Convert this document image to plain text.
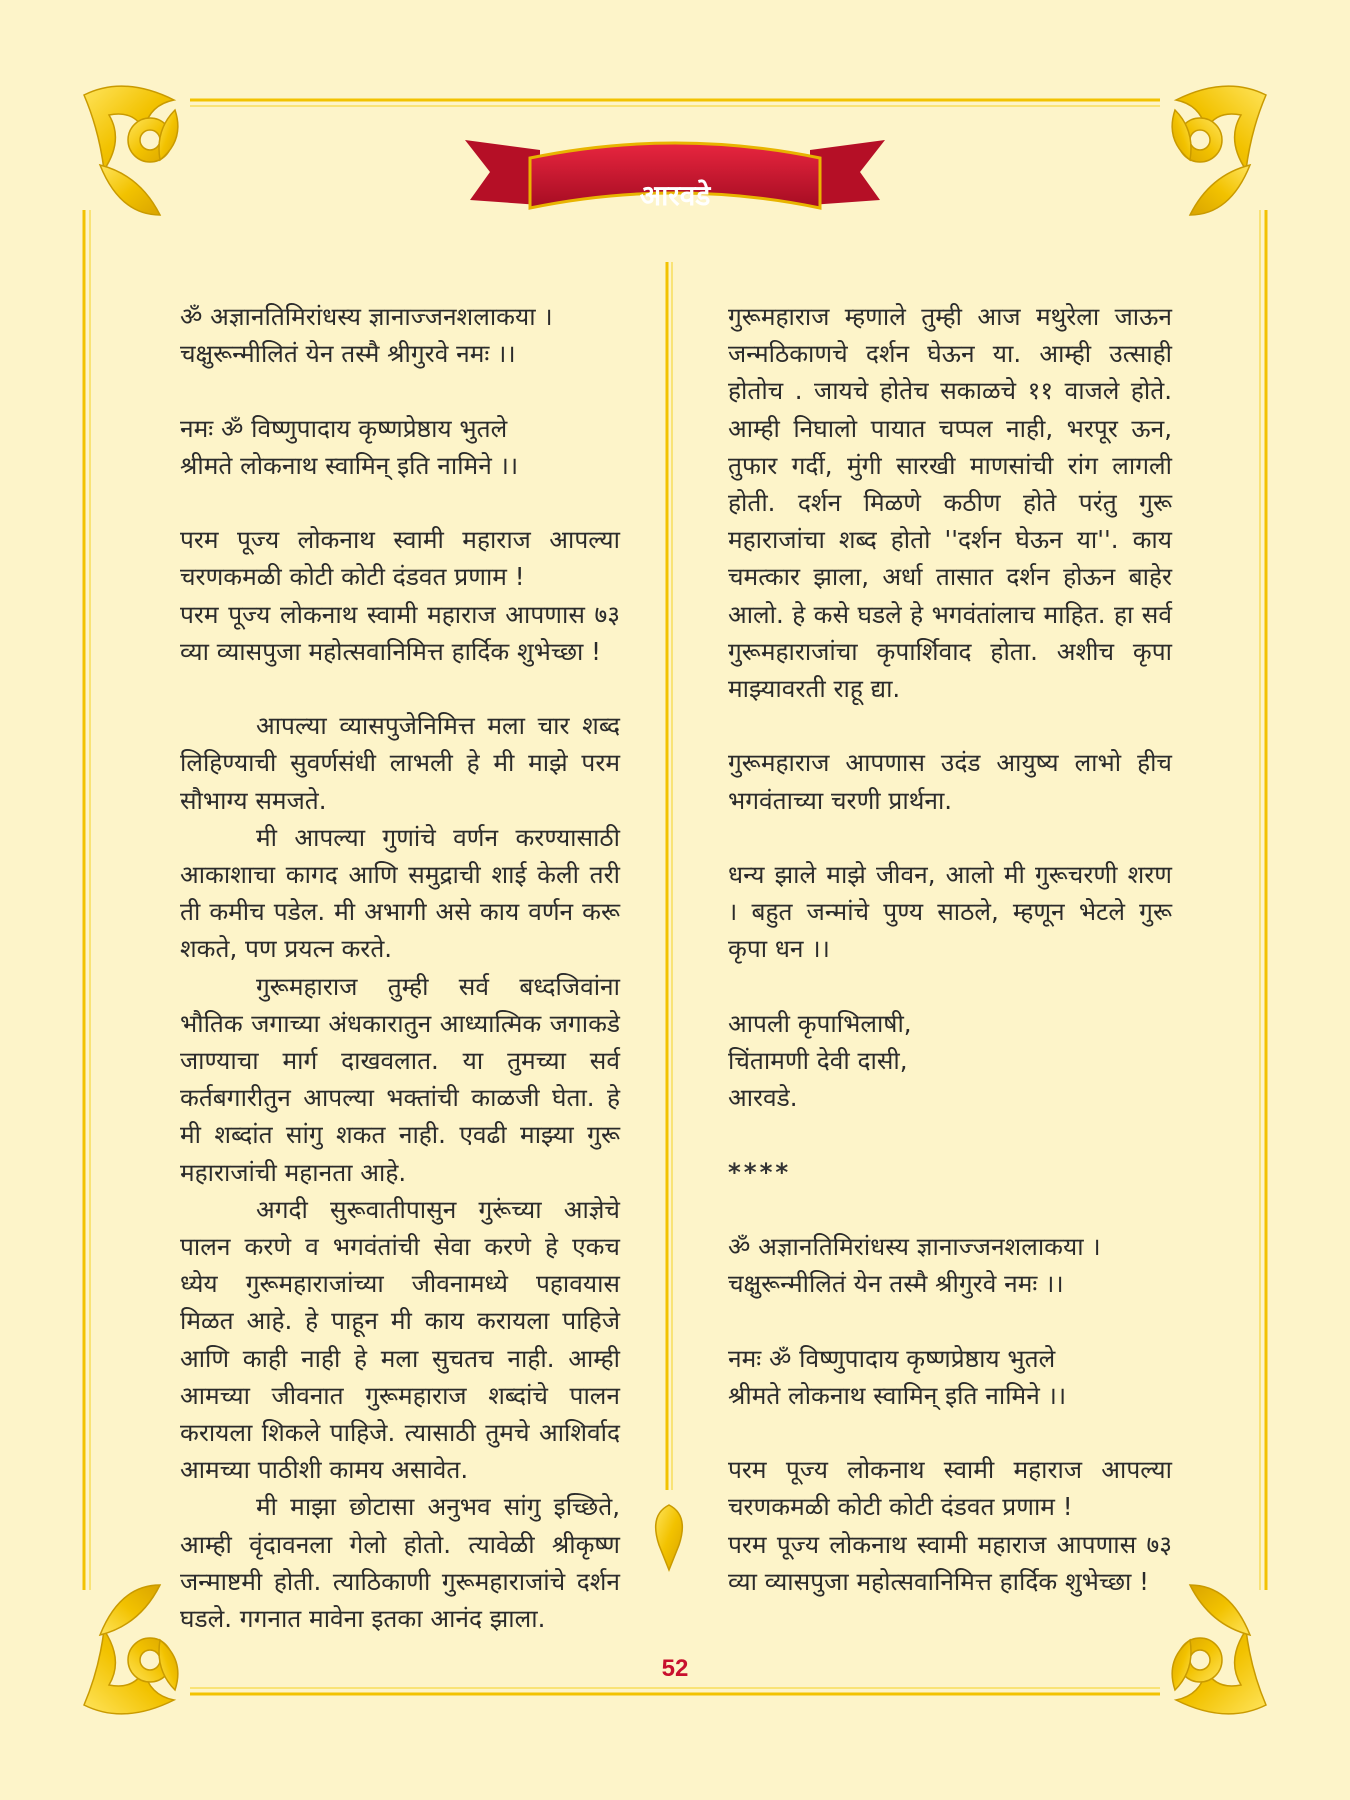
आरवडे
ॐ अज्ञानतिमिरांधस्य ज्ञानाज्जनशलाकया ।
चक्षुरून्मीलितं येन तस्मै श्रीगुरवे नमः ।।
नमः ॐ विष्णुपादाय कृष्णप्रेष्ठाय भुतले
श्रीमते लोकनाथ स्वामिन् इति नामिने ।।

परम पूज्य लोकनाथ स्वामी महाराज आपल्या चरणकमळी कोटी कोटी दंडवत प्रणाम !

परम पूज्य लोकनाथ स्वामी महाराज आपणास ७३ व्या व्यासपुजा महोत्सवानिमित्त हार्दिक शुभेच्छा !

आपल्या व्यासपुजेनिमित्त मला चार शब्द लिहिण्याची सुवर्णसंधी लाभली हे मी माझे परम सौभाग्य समजते.

मी आपल्या गुणांचे वर्णन करण्यासाठी आकाशाचा कागद आणि समुद्राची शाई केली तरी ती कमीच पडेल. मी अभागी असे काय वर्णन करू शकते, पण प्रयत्न करते.

गुरूमहाराज तुम्ही सर्व बध्दजिवांना भौतिक जगाच्या अंधकारातुन आध्यात्मिक जगाकडे जाण्याचा मार्ग दाखवलात. या तुमच्या सर्व कर्तबगारीतुन आपल्या भक्तांची काळजी घेता. हे मी शब्दांत सांगु शकत नाही. एवढी माझ्या गुरू महाराजांची महानता आहे.

अगदी सुरूवातीपासुन गुरूंच्या आज्ञेचे पालन करणे व भगवंतांची सेवा करणे हे एकच ध्येय गुरूमहाराजांच्या जीवनामध्ये पहावयास मिळत आहे. हे पाहून मी काय करायला पाहिजे आणि काही नाही हे मला सुचतच नाही. आम्ही आमच्या जीवनात गुरूमहाराज शब्दांचे पालन करायला शिकले पाहिजे. त्यासाठी तुमचे आशिर्वाद आमच्या पाठीशी कामय असावेत.

मी माझा छोटासा अनुभव सांगु इच्छिते, आम्ही वृंदावनला गेलो होतो. त्यावेळी श्रीकृष्ण जन्माष्टमी होती. त्याठिकाणी गुरूमहाराजांचे दर्शन घडले. गगनात मावेना इतका आनंद झाला.

गुरूमहाराज म्हणाले तुम्ही आज मथुरेला जाऊन जन्मठिकाणचे दर्शन घेऊन या. आम्ही उत्साही होतोच . जायचे होतेच सकाळचे ११ वाजले होते. आम्ही निघालो पायात चप्पल नाही, भरपूर ऊन, तुफार गर्दी, मुंगी सारखी माणसांची रांग लागली होती. दर्शन मिळणे कठीण होते परंतु गुरू महाराजांचा शब्द होतो ''दर्शन घेऊन या''. काय चमत्कार झाला, अर्धा तासात दर्शन होऊन बाहेर आलो. हे कसे घडले हे भगवंतांलाच माहित. हा सर्व गुरूमहाराजांचा कृपार्शिवाद होता. अशीच कृपा माझ्यावरती राहू द्या.

गुरूमहाराज आपणास उदंड आयुष्य लाभो हीच भगवंताच्या चरणी प्रार्थना.

धन्य झाले माझे जीवन, आलो मी गुरूचरणी शरण । बहुत जन्मांचे पुण्य साठले, म्हणून भेटले गुरू कृपा धन ।।

आपली कृपाभिलाषी,
चिंतामणी देवी दासी,
आरवडे.
****
ॐ अज्ञानतिमिरांधस्य ज्ञानाज्जनशलाकया ।
चक्षुरून्मीलितं येन तस्मै श्रीगुरवे नमः ।।
नमः ॐ विष्णुपादाय कृष्णप्रेष्ठाय भुतले
श्रीमते लोकनाथ स्वामिन् इति नामिने ।।

परम पूज्य लोकनाथ स्वामी महाराज आपल्या चरणकमळी कोटी कोटी दंडवत प्रणाम !

परम पूज्य लोकनाथ स्वामी महाराज आपणास ७३ व्या व्यासपुजा महोत्सवानिमित्त हार्दिक शुभेच्छा !

52
